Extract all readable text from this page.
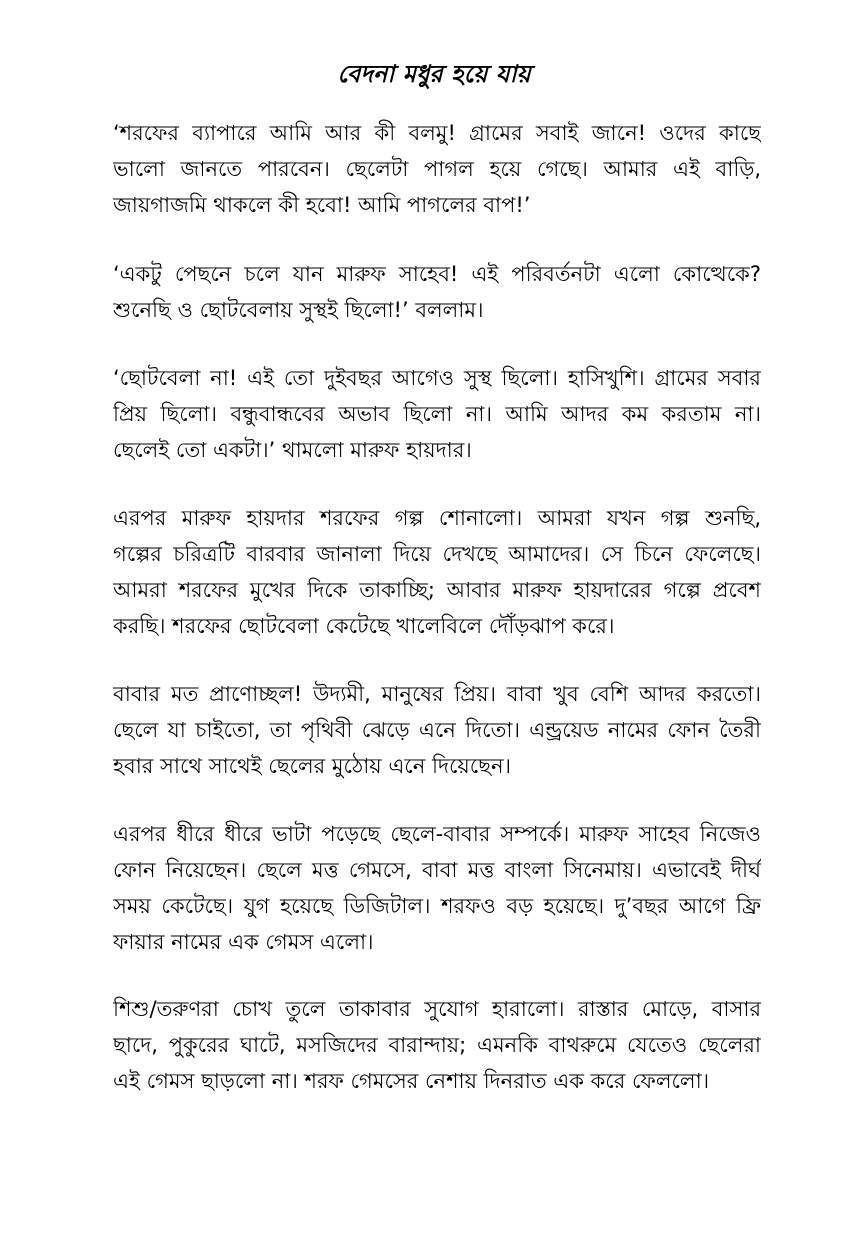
বেদনা মধুর হয়ে যায়
‘শরফের ব্যাপারে আমি আর কী বলমু! গ্রামের সবাই জানে! ওদের কাছে
ভালো জানতে পারবেন। ছেলেটা পাগল হয়ে গেছে। আমার এই বাড়ি,
জায়গাজমি থাকলে কী হবো! আমি পাগলের বাপ!’
‘একটু পেছনে চলে যান মারুফ সাহেব! এই পরিবর্তনটা এলো কোত্থেকে?
শুনেছি ও ছোটবেলায় সুস্থই ছিলো!’ বললাম।
‘ছোটবেলা না! এই তো দুইবছর আগেও সুস্থ ছিলো। হাসিখুশি। গ্রামের সবার
প্রিয় ছিলো। বন্ধুবান্ধবের অভাব ছিলো না। আমি আদর কম করতাম না।
ছেলেই তো একটা।’ থামলো মারুফ হায়দার।
এরপর মারুফ হায়দার শরফের গল্প শোনালো। আমরা যখন গল্প শুনছি,
গল্পের চরিত্রটি বারবার জানালা দিয়ে দেখছে আমাদের। সে চিনে ফেলেছে।
আমরা শরফের মুখের দিকে তাকাচ্ছি; আবার মারুফ হায়দারের গল্পে প্রবেশ
করছি। শরফের ছোটবেলা কেটেছে খালেবিলে দৌঁড়ঝাপ করে।
বাবার মত প্রাণোচ্ছল! উদ্যমী, মানুষের প্রিয়। বাবা খুব বেশি আদর করতো।
ছেলে যা চাইতো, তা পৃথিবী ঝেড়ে এনে দিতো। এন্ড্রয়েড নামের ফোন তৈরী
হবার সাথে সাথেই ছেলের মুঠোয় এনে দিয়েছেন।
এরপর ধীরে ধীরে ভাটা পড়েছে ছেলে-বাবার সম্পর্কে। মারুফ সাহেব নিজেও
ফোন নিয়েছেন। ছেলে মত্ত গেমসে, বাবা মত্ত বাংলা সিনেমায়। এভাবেই দীর্ঘ
সময় কেটেছে। যুগ হয়েছে ডিজিটাল। শরফও বড় হয়েছে। দু’বছর আগে ফ্রি
ফায়ার নামের এক গেমস এলো।
শিশু/তরুণরা চোখ তুলে তাকাবার সুযোগ হারালো। রাস্তার মোড়ে, বাসার
ছাদে, পুকুরের ঘাটে, মসজিদের বারান্দায়; এমনকি বাথরুমে যেতেও ছেলেরা
এই গেমস ছাড়লো না। শরফ গেমসের নেশায় দিনরাত এক করে ফেললো।
